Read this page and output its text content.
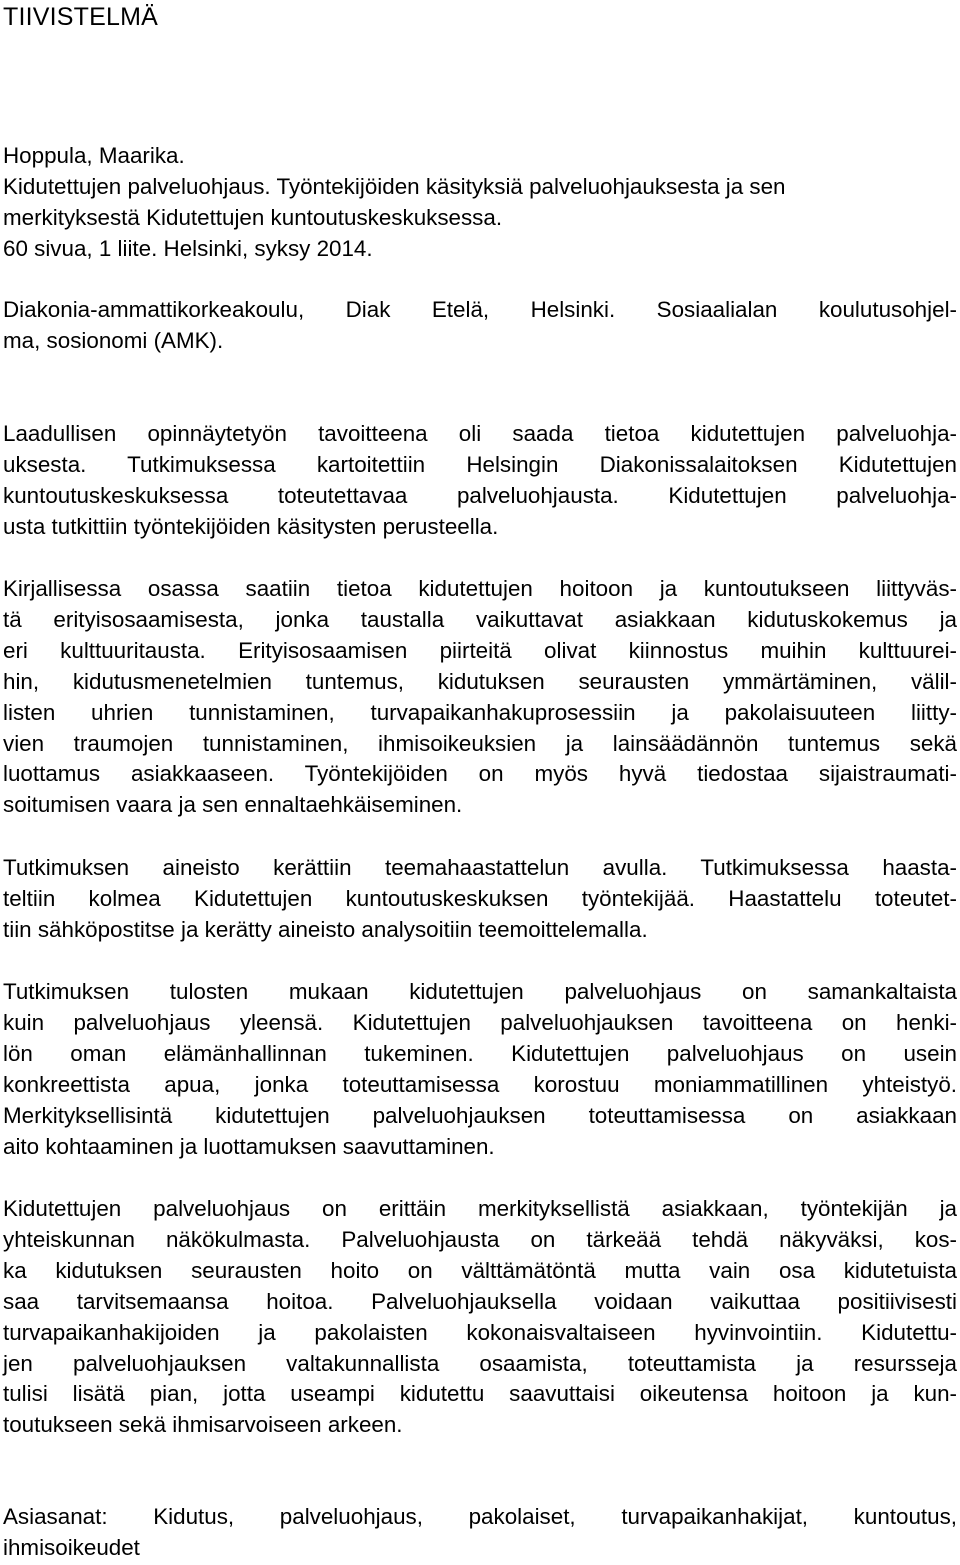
TIIVISTELMÄ
Hoppula, Maarika.
Kidutettujen palveluohjaus. Työntekijöiden käsityksiä palveluohjauksesta ja sen
merkityksestä Kidutettujen kuntoutuskeskuksessa.
60 sivua, 1 liite. Helsinki, syksy 2014.
Diakonia-ammattikorkeakoulu, Diak Etelä, Helsinki. Sosiaalialan koulutusohjel-
ma, sosionomi (AMK).
Laadullisen opinnäytetyön tavoitteena oli saada tietoa kidutettujen palveluohja-
uksesta. Tutkimuksessa kartoitettiin Helsingin Diakonissalaitoksen Kidutettujen
kuntoutuskeskuksessa toteutettavaa palveluohjausta. Kidutettujen palveluohja-
usta tutkittiin työntekijöiden käsitysten perusteella.
Kirjallisessa osassa saatiin tietoa kidutettujen hoitoon ja kuntoutukseen liittyväs-
tä erityisosaamisesta, jonka taustalla vaikuttavat asiakkaan kidutuskokemus ja
eri kulttuuritausta. Erityisosaamisen piirteitä olivat kiinnostus muihin kulttuurei-
hin, kidutusmenetelmien tuntemus, kidutuksen seurausten ymmärtäminen, välil-
listen uhrien tunnistaminen, turvapaikanhakuprosessiin ja pakolaisuuteen liitty-
vien traumojen tunnistaminen, ihmisoikeuksien ja lainsäädännön tuntemus sekä
luottamus asiakkaaseen. Työntekijöiden on myös hyvä tiedostaa sijaistraumati-
soitumisen vaara ja sen ennaltaehkäiseminen.
Tutkimuksen aineisto kerättiin teemahaastattelun avulla. Tutkimuksessa haasta-
teltiin kolmea Kidutettujen kuntoutuskeskuksen työntekijää. Haastattelu toteutet-
tiin sähköpostitse ja kerätty aineisto analysoitiin teemoittelemalla.
Tutkimuksen tulosten mukaan kidutettujen palveluohjaus on samankaltaista
kuin palveluohjaus yleensä. Kidutettujen palveluohjauksen tavoitteena on henki-
lön oman elämänhallinnan tukeminen. Kidutettujen palveluohjaus on usein
konkreettista apua, jonka toteuttamisessa korostuu moniammatillinen yhteistyö.
Merkityksellisintä kidutettujen palveluohjauksen toteuttamisessa on asiakkaan
aito kohtaaminen ja luottamuksen saavuttaminen.
Kidutettujen palveluohjaus on erittäin merkityksellistä asiakkaan, työntekijän ja
yhteiskunnan näkökulmasta. Palveluohjausta on tärkeää tehdä näkyväksi, kos-
ka kidutuksen seurausten hoito on välttämätöntä mutta vain osa kidutetuista
saa tarvitsemaansa hoitoa. Palveluohjauksella voidaan vaikuttaa positiivisesti
turvapaikanhakijoiden ja pakolaisten kokonaisvaltaiseen hyvinvointiin. Kidutettu-
jen palveluohjauksen valtakunnallista osaamista, toteuttamista ja resursseja
tulisi lisätä pian, jotta useampi kidutettu saavuttaisi oikeutensa hoitoon ja kun-
toutukseen sekä ihmisarvoiseen arkeen.
Asiasanat: Kidutus, palveluohjaus, pakolaiset, turvapaikanhakijat, kuntoutus,
ihmisoikeudet
